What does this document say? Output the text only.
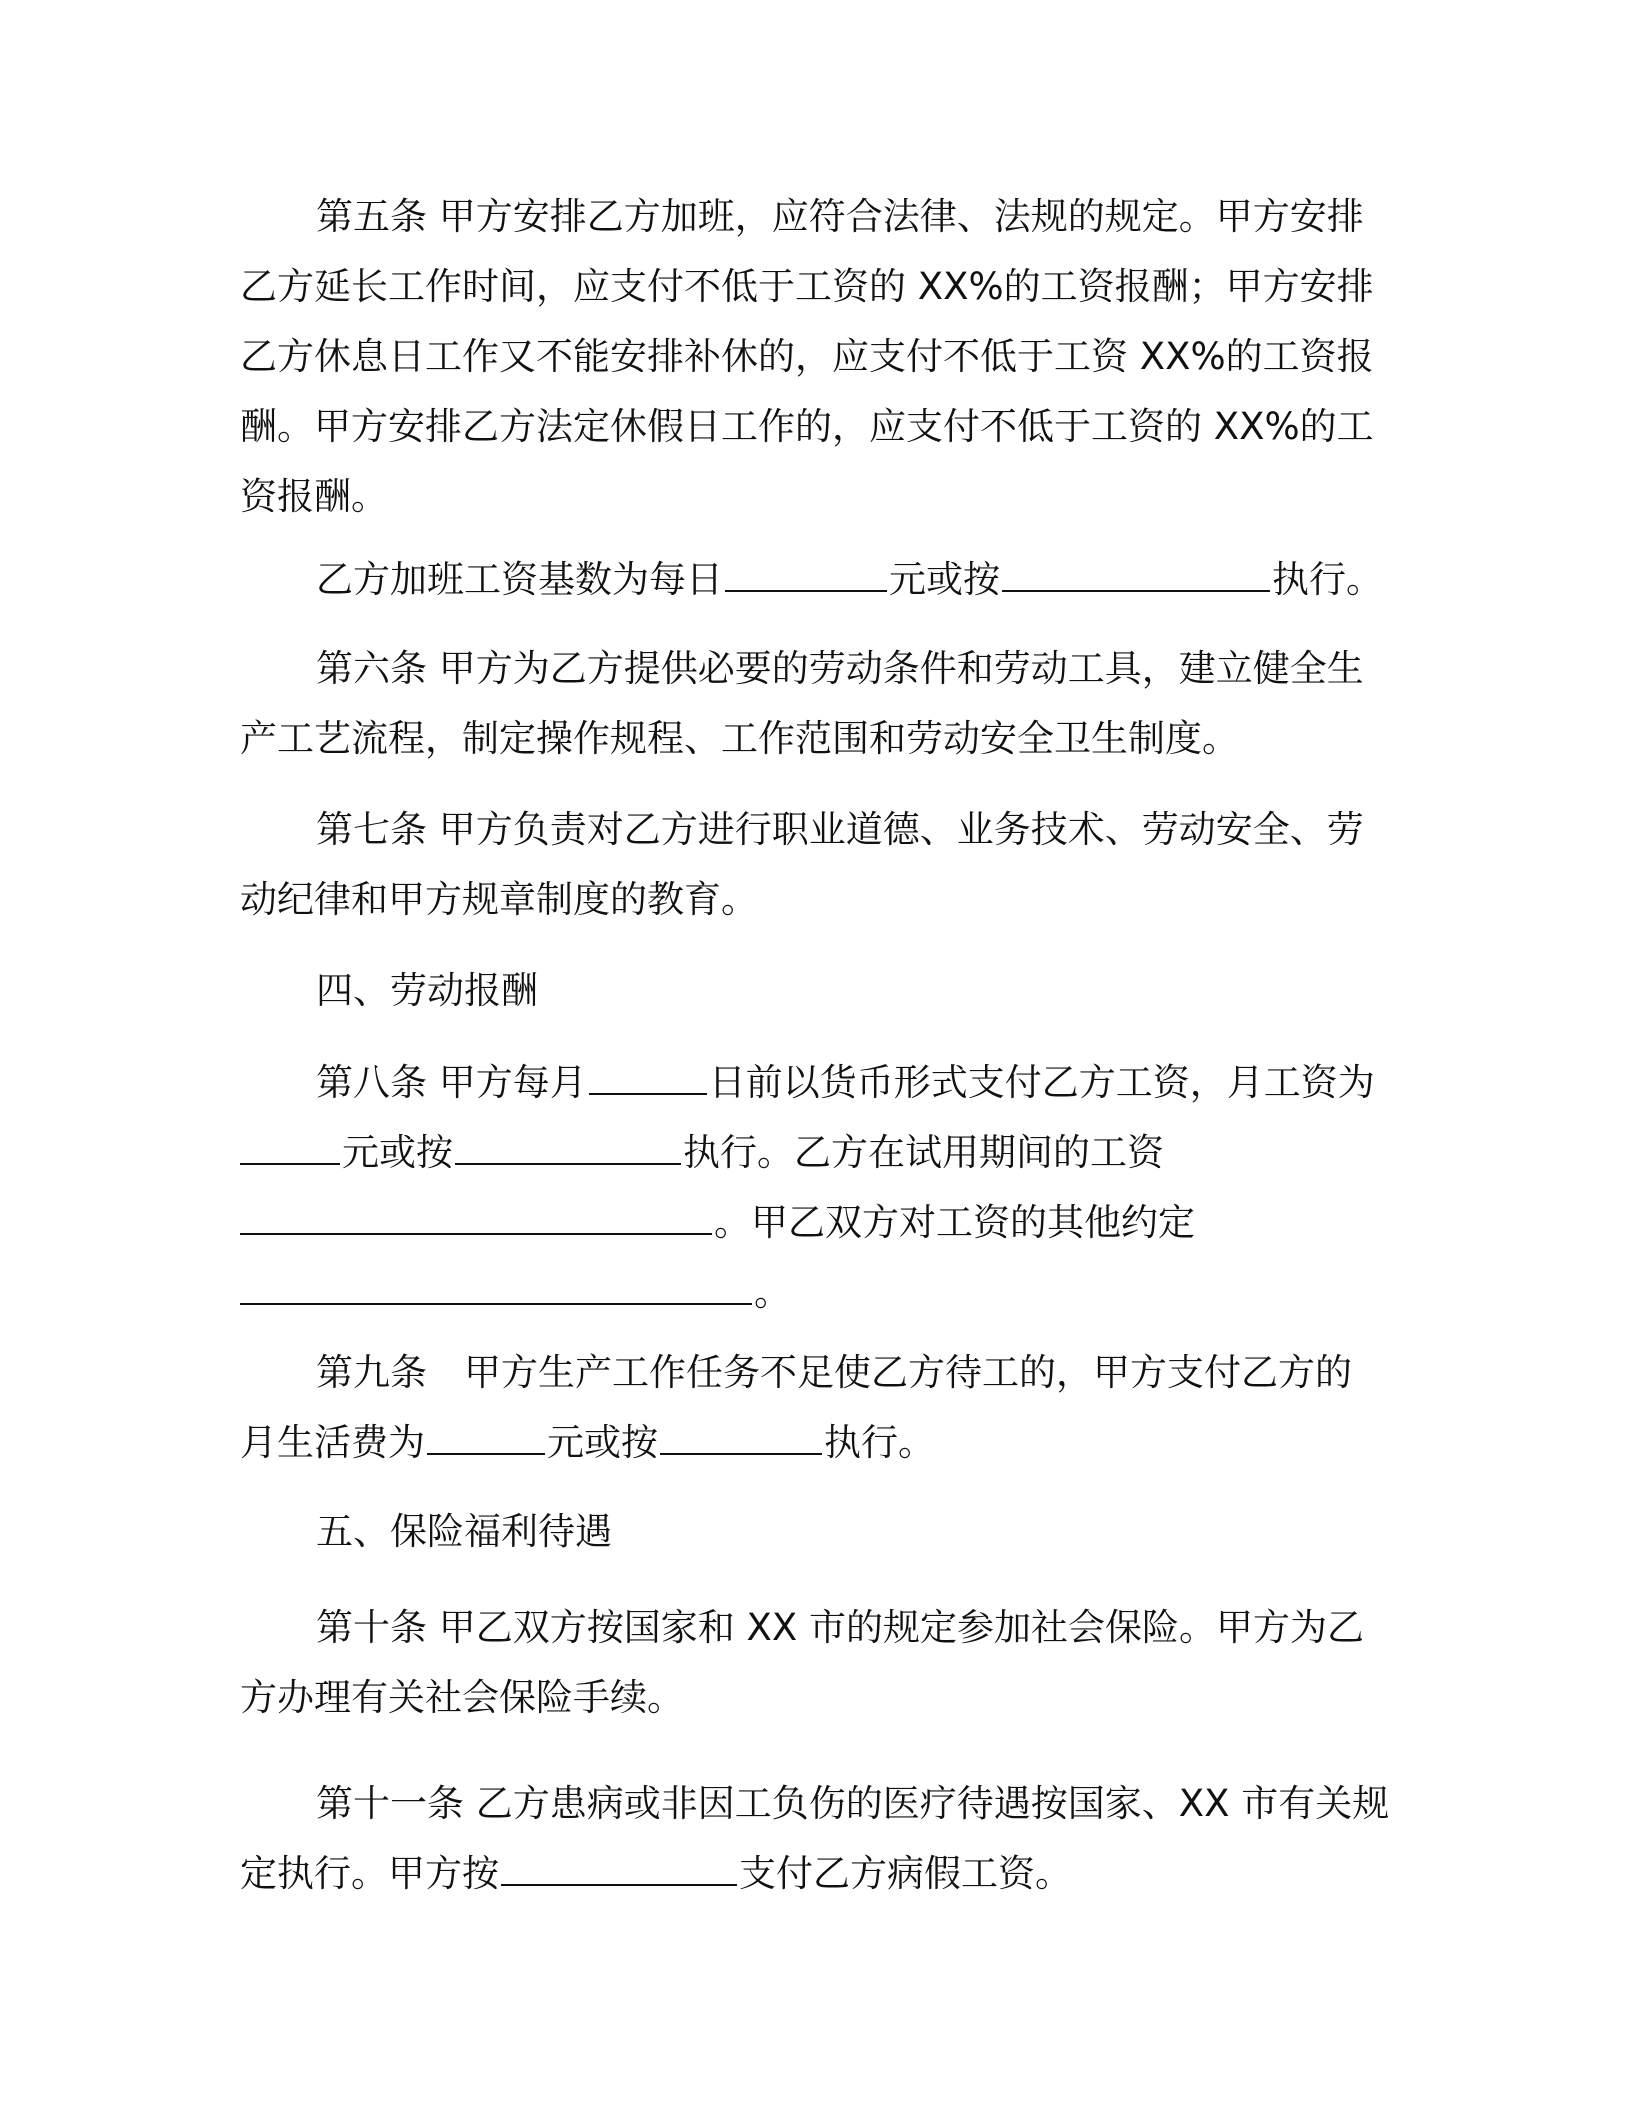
第五条 甲方安排乙方加班，应符合法律、法规的规定。甲方安排
乙方延长工作时间，应支付不低于工资的 XX%的工资报酬；甲方安排
乙方休息日工作又不能安排补休的，应支付不低于工资 XX%的工资报
酬。甲方安排乙方法定休假日工作的，应支付不低于工资的 XX%的工
资报酬。
乙方加班工资基数为每日	元或按	执行。
第六条 甲方为乙方提供必要的劳动条件和劳动工具，建立健全生
产工艺流程，制定操作规程、工作范围和劳动安全卫生制度。
第七条 甲方负责对乙方进行职业道德、业务技术、劳动安全、劳
动纪律和甲方规章制度的教育。
四、劳动报酬
第八条 甲方每月	日前以货币形式支付乙方工资，月工资为
元或按	执行。乙方在试用期间的工资
。甲乙双方对工资的其他约定
。
第九条　甲方生产工作任务不足使乙方待工的，甲方支付乙方的
月生活费为	元或按	执行。
五、保险福利待遇
第十条 甲乙双方按国家和 XX 市的规定参加社会保险。甲方为乙
方办理有关社会保险手续。
第十一条 乙方患病或非因工负伤的医疗待遇按国家、XX 市有关规
定执行。甲方按	支付乙方病假工资。
